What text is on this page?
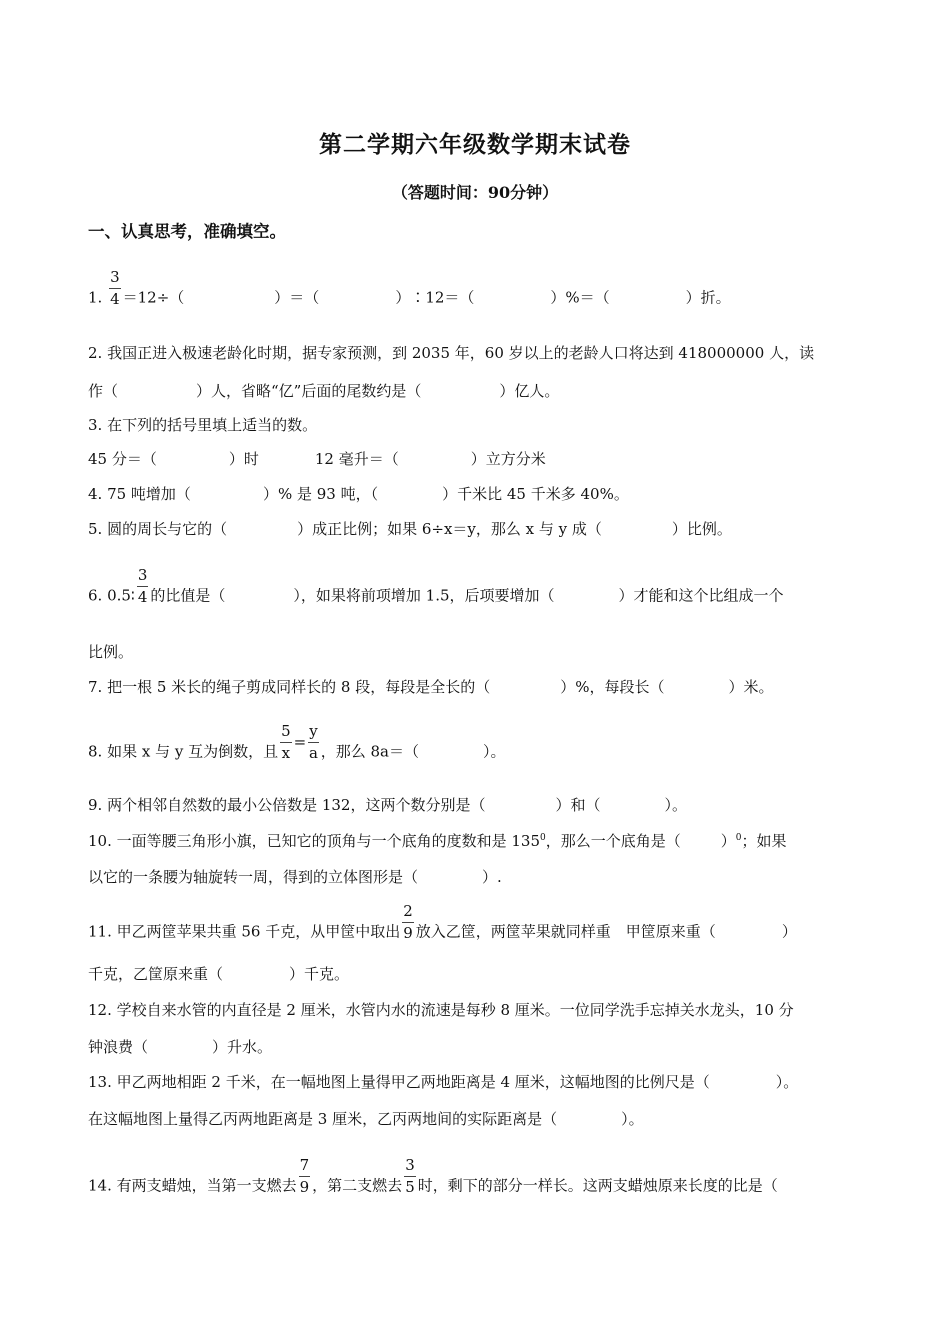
第二学期六年级数学期末试卷
（答题时间：90分钟）
一、认真思考，准确填空。
1. $\frac{3}{4} =12\div$（	）＝（	）∶12＝（	）%＝（	）折。
2. 我国正进入极速老龄化时期，据专家预测，到 2035 年，60 岁以上的老龄人口将达到 418000000 人，读
作（	）人，省略“亿”后面的尾数约是（	）亿人。
3. 在下列的括号里填上适当的数。
45 分＝（	）时	12 毫升＝（	）立方分米
4. 75 吨增加（	）% 是 93 吨，（	）千米比 45 千米多 40%。
5. 圆的周长与它的（	）成正比例；如果 6÷x＝y，那么 x 与 y 成（	）比例。
6. 0.5∶ $\frac{3}{4}$ 的比值是（	），如果将前项增加 1.5，后项要增加（	）才能和这个比组成一个
比例。
7. 把一根 5 米长的绳子剪成同样长的 8 段，每段是全长的（	）%，每段长（	）米。
8. 如果 x 与 y 互为倒数，且 $\frac{5}{x} = \frac{y}{a}$ ，那么 8a＝（	）。
9. 两个相邻自然数的最小公倍数是 132，这两个数分别是（	）和（	）。
10. 一面等腰三角形小旗，已知它的顶角与一个底角的度数和是 $135^0$，那么一个底角是（	）$^0$；如果
以它的一条腰为轴旋转一周，得到的立体图形是（	）.
11. 甲乙两筐苹果共重 56 千克，从甲筐中取出 $\frac{2}{9}$ 放入乙筐，两筐苹果就同样重　甲筐原来重（	）
千克，乙筐原来重（	）千克。
12. 学校自来水管的内直径是 2 厘米，水管内水的流速是每秒 8 厘米。一位同学洗手忘掉关水龙头，10 分
钟浪费（	）升水。
13. 甲乙两地相距 2 千米，在一幅地图上量得甲乙两地距离是 4 厘米，这幅地图的比例尺是（	）。
在这幅地图上量得乙丙两地距离是 3 厘米，乙丙两地间的实际距离是（	）。
14. 有两支蜡烛，当第一支燃去 $\frac{7}{9}$ ，第二支燃去 $\frac{3}{5}$ 时，剩下的部分一样长。这两支蜡烛原来长度的比是（
